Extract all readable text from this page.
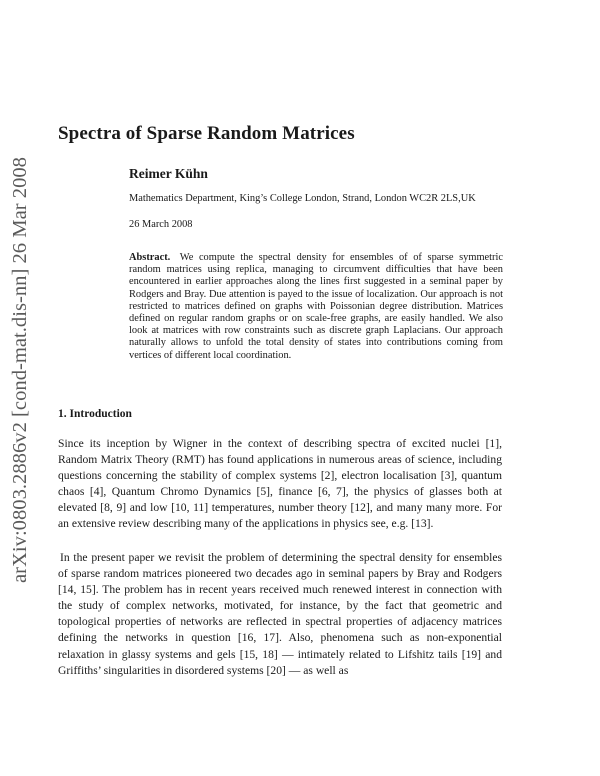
arXiv:0803.2886v2 [cond-mat.dis-nn] 26 Mar 2008
Spectra of Sparse Random Matrices
Reimer Kühn
Mathematics Department, King’s College London, Strand, London WC2R 2LS,UK
26 March 2008
Abstract. We compute the spectral density for ensembles of of sparse symmetric random matrices using replica, managing to circumvent difficulties that have been encountered in earlier approaches along the lines first suggested in a seminal paper by Rodgers and Bray. Due attention is payed to the issue of localization. Our approach is not restricted to matrices defined on graphs with Poissonian degree distribution. Matrices defined on regular random graphs or on scale-free graphs, are easily handled. We also look at matrices with row constraints such as discrete graph Laplacians. Our approach naturally allows to unfold the total density of states into contributions coming from vertices of different local coordination.
1. Introduction

Since its inception by Wigner in the context of describing spectra of excited nuclei [1], Random Matrix Theory (RMT) has found applications in numerous areas of science, including questions concerning the stability of complex systems [2], electron localisation [3], quantum chaos [4], Quantum Chromo Dynamics [5], finance [6, 7], the physics of glasses both at elevated [8, 9] and low [10, 11] temperatures, number theory [12], and many many more. For an extensive review describing many of the applications in physics see, e.g. [13].

In the present paper we revisit the problem of determining the spectral density for ensembles of sparse random matrices pioneered two decades ago in seminal papers by Bray and Rodgers [14, 15]. The problem has in recent years received much renewed interest in connection with the study of complex networks, motivated, for instance, by the fact that geometric and topological properties of networks are reflected in spectral properties of adjacency matrices defining the networks in question [16, 17]. Also, phenomena such as non-exponential relaxation in glassy systems and gels [15, 18] — intimately related to Lifshitz tails [19] and Griffiths’ singularities in disordered systems [20] — as well as
